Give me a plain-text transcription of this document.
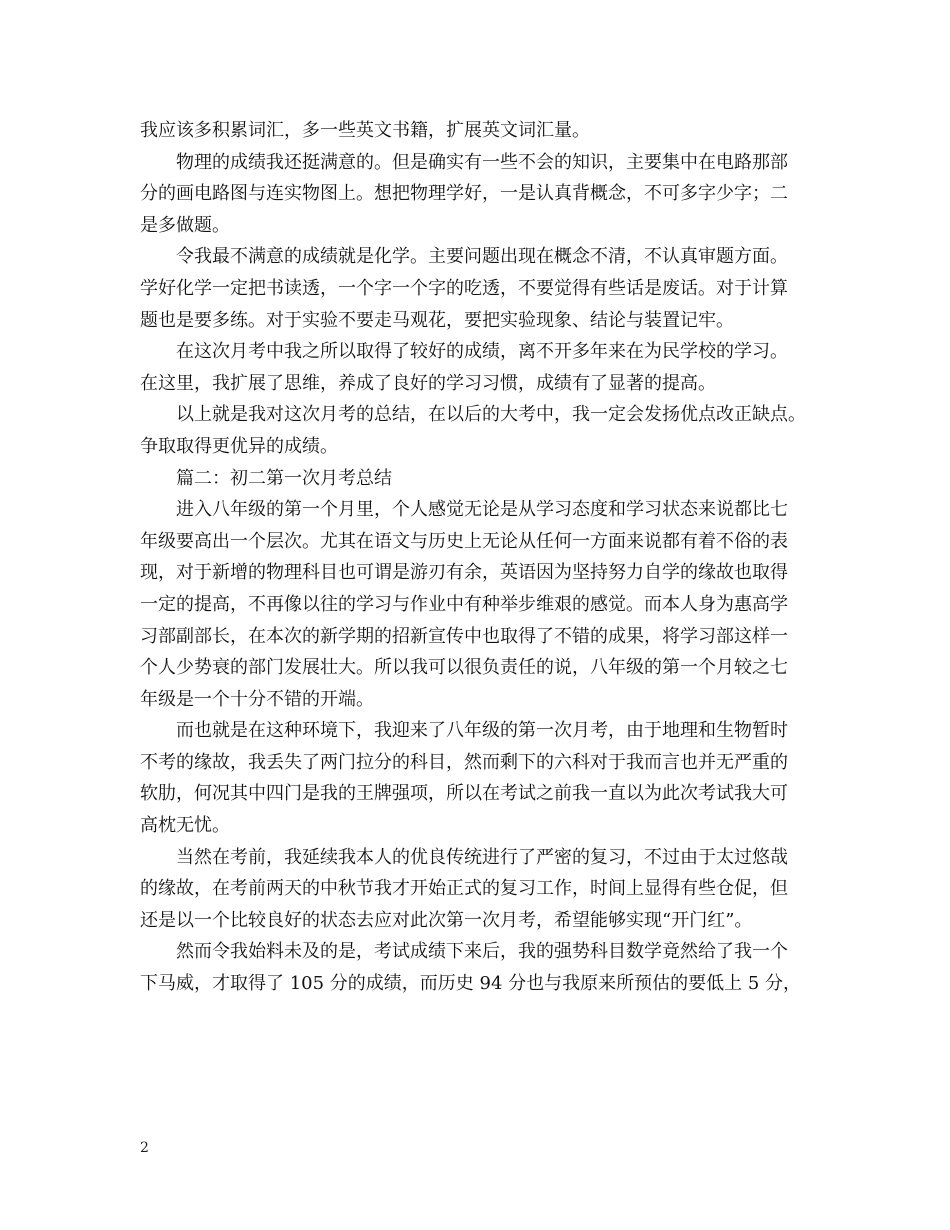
我应该多积累词汇，多一些英文书籍，扩展英文词汇量。
物理的成绩我还挺满意的。但是确实有一些不会的知识，主要集中在电路那部
分的画电路图与连实物图上。想把物理学好，一是认真背概念，不可多字少字；二
是多做题。
令我最不满意的成绩就是化学。主要问题出现在概念不清，不认真审题方面。
学好化学一定把书读透，一个字一个字的吃透，不要觉得有些话是废话。对于计算
题也是要多练。对于实验不要走马观花，要把实验现象、结论与装置记牢。
在这次月考中我之所以取得了较好的成绩，离不开多年来在为民学校的学习。
在这里，我扩展了思维，养成了良好的学习习惯，成绩有了显著的提高。
以上就是我对这次月考的总结，在以后的大考中，我一定会发扬优点改正缺点。
争取取得更优异的成绩。
篇二：初二第一次月考总结
进入八年级的第一个月里，个人感觉无论是从学习态度和学习状态来说都比七
年级要高出一个层次。尤其在语文与历史上无论从任何一方面来说都有着不俗的表
现，对于新增的物理科目也可谓是游刃有余，英语因为坚持努力自学的缘故也取得
一定的提高，不再像以往的学习与作业中有种举步维艰的感觉。而本人身为惠高学
习部副部长，在本次的新学期的招新宣传中也取得了不错的成果，将学习部这样一
个人少势衰的部门发展壮大。所以我可以很负责任的说，八年级的第一个月较之七
年级是一个十分不错的开端。
而也就是在这种环境下，我迎来了八年级的第一次月考，由于地理和生物暂时
不考的缘故，我丢失了两门拉分的科目，然而剩下的六科对于我而言也并无严重的
软肋，何况其中四门是我的王牌强项，所以在考试之前我一直以为此次考试我大可
高枕无忧。
当然在考前，我延续我本人的优良传统进行了严密的复习，不过由于太过悠哉
的缘故，在考前两天的中秋节我才开始正式的复习工作，时间上显得有些仓促，但
还是以一个比较良好的状态去应对此次第一次月考，希望能够实现“开门红”。
然而令我始料未及的是，考试成绩下来后，我的强势科目数学竟然给了我一个
下马威，才取得了 105 分的成绩，而历史 94 分也与我原来所预估的要低上 5 分，
2
